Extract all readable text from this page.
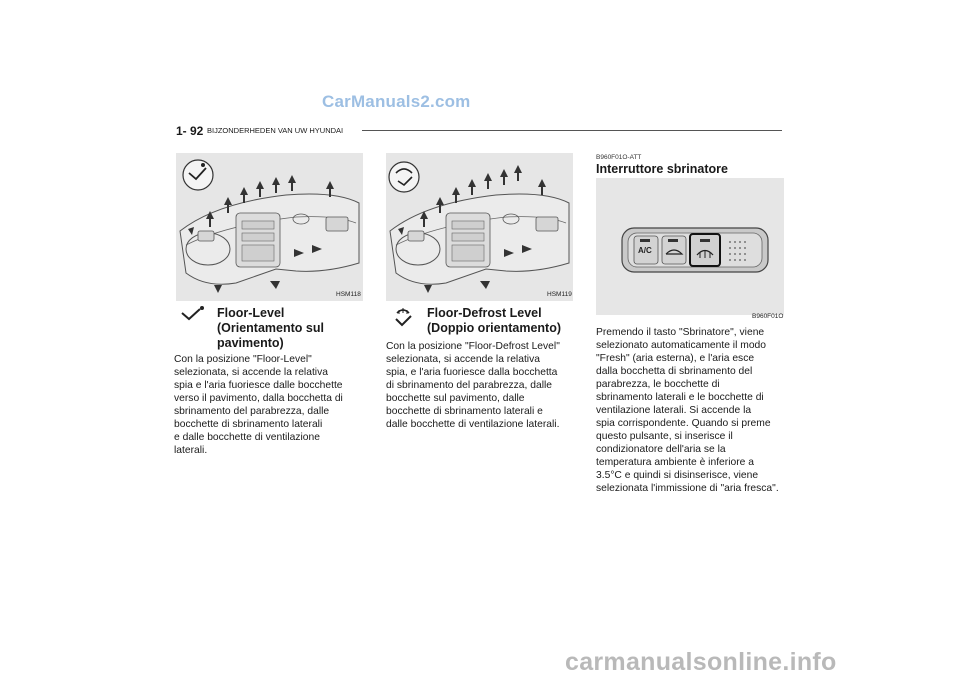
CarManuals2.com
1- 92 BIJZONDERHEDEN VAN UW HYUNDAI
HSM118
Floor-Level
(Orientamento sul
pavimento)
Con la posizione "Floor-Level"
selezionata, si accende la relativa
spia e l'aria fuoriesce dalle bocchette
verso il pavimento, dalla bocchetta di
sbrinamento del parabrezza, dalle
bocchette di sbrinamento laterali
e dalle bocchette di ventilazione
laterali.
HSM119
Floor-Defrost Level
(Doppio orientamento)
Con la posizione "Floor-Defrost Level"
selezionata, si accende la relativa
spia, e l'aria fuoriesce dalla bocchetta
di sbrinamento del parabrezza, dalle
bocchette sul pavimento, dalle
bocchette di sbrinamento laterali e
dalle bocchette di ventilazione laterali.
B960F01O-ATT
Interruttore sbrinatore
A/C
B960F01O
Premendo il tasto "Sbrinatore", viene
selezionato automaticamente il modo
"Fresh" (aria esterna), e l'aria esce
dalla bocchetta di sbrinamento del
parabrezza, le bocchette di
sbrinamento laterali e le bocchette di
ventilazione laterali. Si accende la
spia corrispondente. Quando si preme
questo pulsante, si inserisce il
condizionatore dell'aria se la
temperatura ambiente è inferiore a
3.5°C e quindi si disinserisce, viene
selezionata l'immissione di "aria fresca".
carmanualsonline.info
